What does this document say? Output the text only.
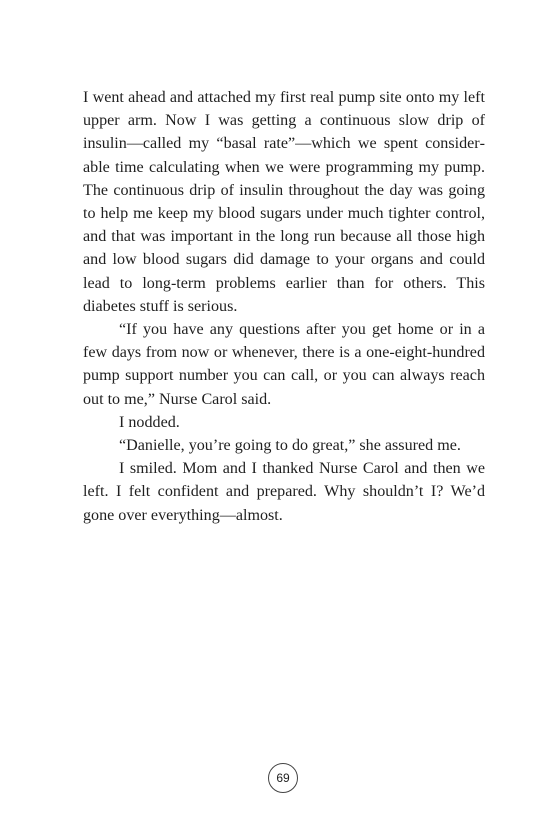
I went ahead and attached my first real pump site onto my left upper arm. Now I was getting a continuous slow drip of insulin—called my “basal rate”—which we spent considerable time calculating when we were programming my pump. The continuous drip of insulin throughout the day was going to help me keep my blood sugars under much tighter control, and that was important in the long run because all those high and low blood sugars did damage to your organs and could lead to long-term problems earlier than for others. This diabetes stuff is serious.

“If you have any questions after you get home or in a few days from now or whenever, there is a one-eight-hundred pump support number you can call, or you can always reach out to me,” Nurse Carol said.

I nodded.

“Danielle, you’re going to do great,” she assured me.

I smiled. Mom and I thanked Nurse Carol and then we left. I felt confident and prepared. Why shouldn’t I? We’d gone over everything—almost.

69
